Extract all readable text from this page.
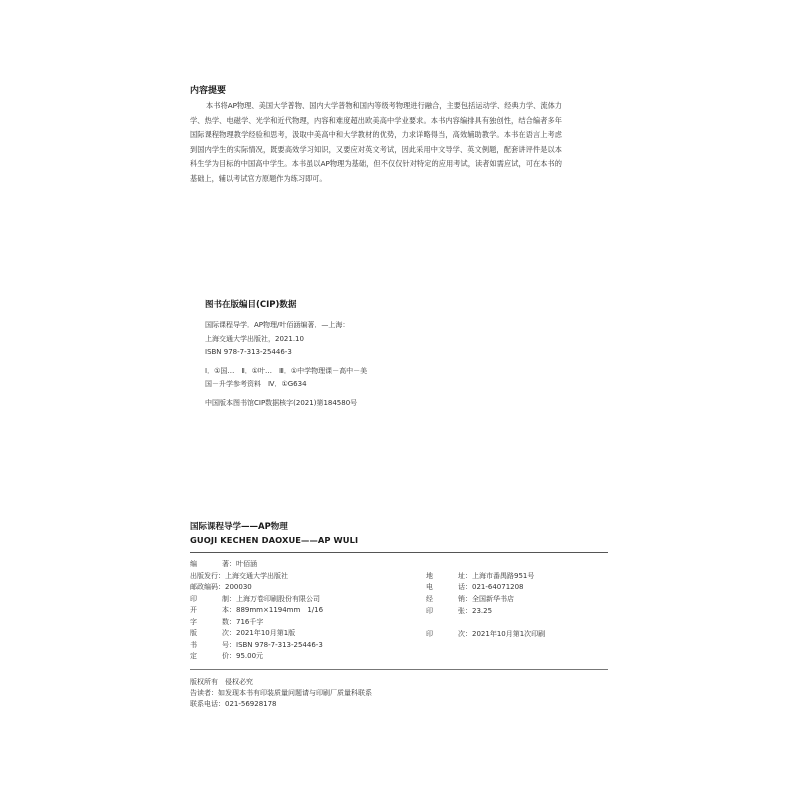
内容提要

本书将AP物理、美国大学普物、国内大学普物和国内等级考物理进行融合，主要包括运动学、经典力学、流体力学、热学、电磁学、光学和近代物理，内容和难度超出欧美高中学业要求。本书内容编排具有独创性，结合编者多年国际课程物理教学经验和思考，汲取中美高中和大学教材的优势，力求详略得当，高效辅助教学。本书在语言上考虑到国内学生的实际情况，既要高效学习知识，又要应对英文考试，因此采用中文导学、英文例题，配套讲评件是以本科生学为目标的中国高中学生。本书虽以AP物理为基础，但不仅仅针对特定的应用考试，读者如需应试，可在本书的基础上，辅以考试官方原题作为练习即可。

图书在版编目(CIP)数据
国际课程导学．AP物理/叶佰涵编著．—上海：
上海交通大学出版社，2021.10
ISBN 978-7-313-25446-3
Ⅰ．①国…　Ⅱ．①叶…　Ⅲ．①中学物理课－高中－美
国－升学参考资料　Ⅳ．①G634
中国版本图书馆CIP数据核字(2021)第184580号
国际课程导学——AP物理
GUOJI KECHEN DAOXUE——AP WULI
编	著：叶佰涵
出版发行：上海交通大学出版社
邮政编码：200030
印	制：上海万卷印刷股份有限公司
开	本：889mm×1194mm　1/16
字	数：716千字
版	次：2021年10月第1版
书	号：ISBN 978-7-313-25446-3
定	价：95.00元
地	址：上海市番禺路951号
电	话：021-64071208
经	销：全国新华书店
印	张：23.25
印	次：2021年10月第1次印刷
版权所有　侵权必究
告读者：如发现本书有印装质量问题请与印刷厂质量科联系
联系电话：021-56928178
